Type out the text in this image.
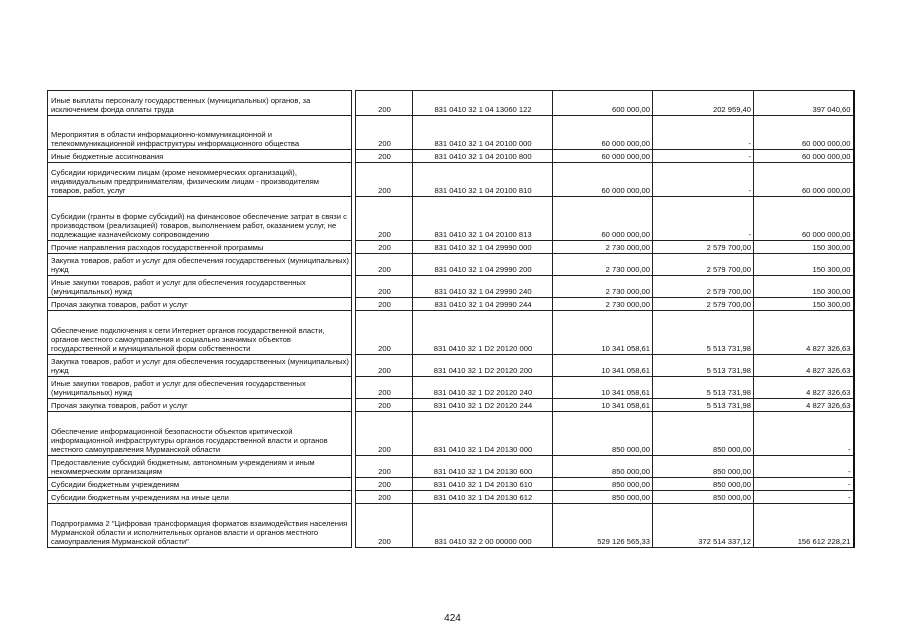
Иные выплаты персоналу государственных (муниципальных) органов, за исключением фонда оплаты труда		200	831 0410 32 1 04 13060 122	600 000,00	202 959,40	397 040,60
Мероприятия в области информационно-коммуникационной и телекоммуникационной инфраструктуры информационного общества		200	831 0410 32 1 04 20100 000	60 000 000,00	-	60 000 000,00
Иные бюджетные ассигнования		200	831 0410 32 1 04 20100 800	60 000 000,00	-	60 000 000,00
Субсидии юридическим лицам (кроме некоммерческих организаций), индивидуальным предпринимателям, физическим лицам - производителям товаров, работ, услуг		200	831 0410 32 1 04 20100 810	60 000 000,00	-	60 000 000,00
Субсидии (гранты в форме субсидий) на финансовое обеспечение затрат в связи с производством (реализацией) товаров, выполнением работ, оказанием услуг, не подлежащие казначейскому сопровождению		200	831 0410 32 1 04 20100 813	60 000 000,00	-	60 000 000,00
Прочие направления расходов государственной программы		200	831 0410 32 1 04 29990 000	2 730 000,00	2 579 700,00	150 300,00
Закупка товаров, работ и услуг для обеспечения государственных (муниципальных) нужд		200	831 0410 32 1 04 29990 200	2 730 000,00	2 579 700,00	150 300,00
Иные закупки товаров, работ и услуг для обеспечения государственных (муниципальных) нужд		200	831 0410 32 1 04 29990 240	2 730 000,00	2 579 700,00	150 300,00
Прочая закупка товаров, работ и услуг		200	831 0410 32 1 04 29990 244	2 730 000,00	2 579 700,00	150 300,00
Обеспечение подключения к сети Интернет органов государственной власти, органов местного самоуправления и социально значимых объектов государственной и муниципальной форм собственности		200	831 0410 32 1 D2 20120 000	10 341 058,61	5 513 731,98	4 827 326,63
Закупка товаров, работ и услуг для обеспечения государственных (муниципальных) нужд		200	831 0410 32 1 D2 20120 200	10 341 058,61	5 513 731,98	4 827 326,63
Иные закупки товаров, работ и услуг для обеспечения государственных (муниципальных) нужд		200	831 0410 32 1 D2 20120 240	10 341 058,61	5 513 731,98	4 827 326,63
Прочая закупка товаров, работ и услуг		200	831 0410 32 1 D2 20120 244	10 341 058,61	5 513 731,98	4 827 326,63
Обеспечение информационной безопасности объектов критической информационной инфраструктуры органов государственной власти и органов местного самоуправления Мурманской области		200	831 0410 32 1 D4 20130 000	850 000,00	850 000,00	-
Предоставление субсидий бюджетным, автономным учреждениям и иным некоммерческим организациям		200	831 0410 32 1 D4 20130 600	850 000,00	850 000,00	-
Субсидии бюджетным учреждениям		200	831 0410 32 1 D4 20130 610	850 000,00	850 000,00	-
Субсидии бюджетным учреждениям на иные цели		200	831 0410 32 1 D4 20130 612	850 000,00	850 000,00	-
Подпрограмма 2 "Цифровая трансформация форматов взаимодействия населения Мурманской области и исполнительных органов власти и органов местного самоуправления Мурманской области"		200	831 0410 32 2 00 00000 000	529 126 565,33	372 514 337,12	156 612 228,21
424
